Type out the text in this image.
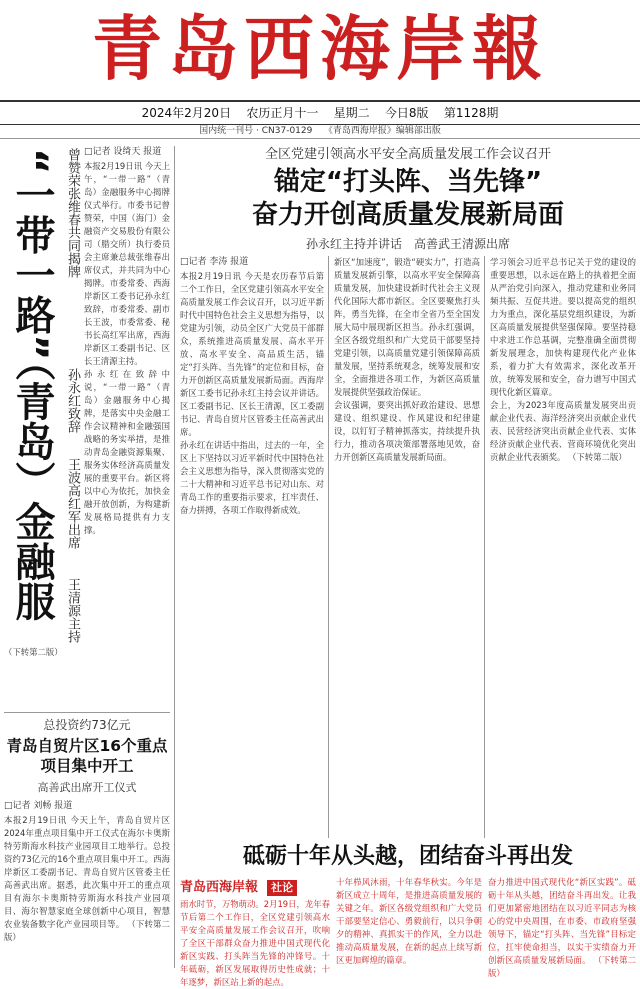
青岛西海岸報
2024年2月20日 农历正月十一 星期二 今日8版 第1128期
国内统一刊号 · CN37-0129 《青岛西海岸报》编辑部出版
“一带一路”（青岛）金融服
曾赞荣张维春共同揭牌
孙永红致辞
王波高红军出席
王清源主持
□记者 设绮天 报道
本报2月19日讯 今天上午，“一带一路”（青岛）金融服务中心揭牌仪式举行。市委书记曾赞荣，中国（海门）金融资产交易股份有限公司（腊交所）执行委员会主席兼总裁张维春出席仪式，并共同为中心揭牌。市委常委、西海岸新区工委书记孙永红致辞，市委常委、副市长王波，市委常委、秘书长高红军出席，西海岸新区工委副书记、区长王清源主持。
孙永红在致辞中说，“一带一路”（青岛）金融服务中心揭牌，是落实中央金融工作会议精神和金融强国战略的务实举措，是推动青岛金融资源集聚、服务实体经济高质量发展的重要平台。新区将以中心为依托，加快金融开放创新，为构建新发展格局提供有力支撑。
（下转第二版）
总投资约73亿元
青岛自贸片区16个重点项目集中开工
高善武出席开工仪式
□记者 刘畅 报道
本报2月19日讯 今天上午，青岛自贸片区2024年重点项目集中开工仪式在海尔卡奥斯特劳斯海水科技产业园项目工地举行。总投资约73亿元的16个重点项目集中开工。西海岸新区工委副书记、青岛自贸片区管委主任高善武出席。据悉，此次集中开工的重点项目有海尔卡奥斯特劳斯海水科技产业园项目、海尔智慧家庭全球创新中心项目，智慧农业装备数字化产业园项目等。 （下转第二版）
全区党建引领高水平安全高质量发展工作会议召开
锚定“打头阵、当先锋”
奋力开创高质量发展新局面
孙永红主持并讲话　高善武王清源出席
□记者 李涛 报道
本报2月19日讯 今天是农历春节后第二个工作日，全区党建引领高水平安全高质量发展工作会议召开，以习近平新时代中国特色社会主义思想为指导，以党建为引领，动员全区广大党员干部群众，系统推进高质量发展、高水平开放、高水平安全、高品质生活，锚定“打头阵、当先锋”的定位和目标，奋力开创新区高质量发展新局面。西海岸新区工委书记孙永红主持会议并讲话。区工委副书记、区长王清源，区工委副书记、青岛自贸片区管委主任高善武出席。
孙永红在讲话中指出，过去的一年，全区上下坚持以习近平新时代中国特色社会主义思想为指导，深入贯彻落实党的二十大精神和习近平总书记对山东、对青岛工作的重要指示要求，扛牢责任、奋力拼搏，各项工作取得新成效。
新区“加速度”，锻造“硬实力”，打造高质量发展新引擎，以高水平安全保障高质量发展，加快建设新时代社会主义现代化国际大都市新区。全区要聚焦打头阵，勇当先锋，在全市全省乃至全国发展大局中展现新区担当。孙永红强调，全区各级党组织和广大党员干部要坚持党建引领，以高质量党建引领保障高质量发展，坚持系统观念，统筹发展和安全，全面推进各项工作，为新区高质量发展提供坚强政治保证。
会议强调，要突出抓好政治建设、思想建设、组织建设、作风建设和纪律建设，以钉钉子精神抓落实，持续提升执行力，推动各项决策部署落地见效，奋力开创新区高质量发展新局面。
学习领会习近平总书记关于党的建设的重要思想，以永远在路上的执着把全面从严治党引向深入，推动党建和业务同频共振、互促共进。要以提高党的组织力为重点，深化基层党组织建设，为新区高质量发展提供坚强保障。要坚持稳中求进工作总基调，完整准确全面贯彻新发展理念，加快构建现代化产业体系，着力扩大有效需求，深化改革开放，统筹发展和安全，奋力谱写中国式现代化新区篇章。
会上，为2023年度高质量发展突出贡献企业代表、海洋经济突出贡献企业代表、民营经济突出贡献企业代表、实体经济贡献企业代表、营商环境优化突出贡献企业代表颁奖。 （下转第二版）
砥砺十年从头越，团结奋斗再出发
青岛西海岸報 社论
雨水时节，万物萌动。2月19日，龙年春节后第二个工作日，全区党建引领高水平安全高质量发展工作会议召开，吹响了全区干部群众奋力推进中国式现代化新区实践、打头阵当先锋的冲锋号。十年砥砺，新区发展取得历史性成就；十年逐梦，新区站上新的起点。
十年栉风沐雨，十年春华秋实。今年是新区成立十周年，是推进高质量发展的关键之年。新区各级党组织和广大党员干部要坚定信心、勇毅前行，以只争朝夕的精神、真抓实干的作风，全力以赴推动高质量发展，在新的起点上续写新区更加辉煌的篇章。
奋力推进中国式现代化“新区实践”。砥砺十年从头越，团结奋斗再出发。让我们更加紧密地团结在以习近平同志为核心的党中央周围，在市委、市政府坚强领导下，锚定“打头阵、当先锋”目标定位，扛牢使命担当，以实干实绩奋力开创新区高质量发展新局面。 （下转第二版）
